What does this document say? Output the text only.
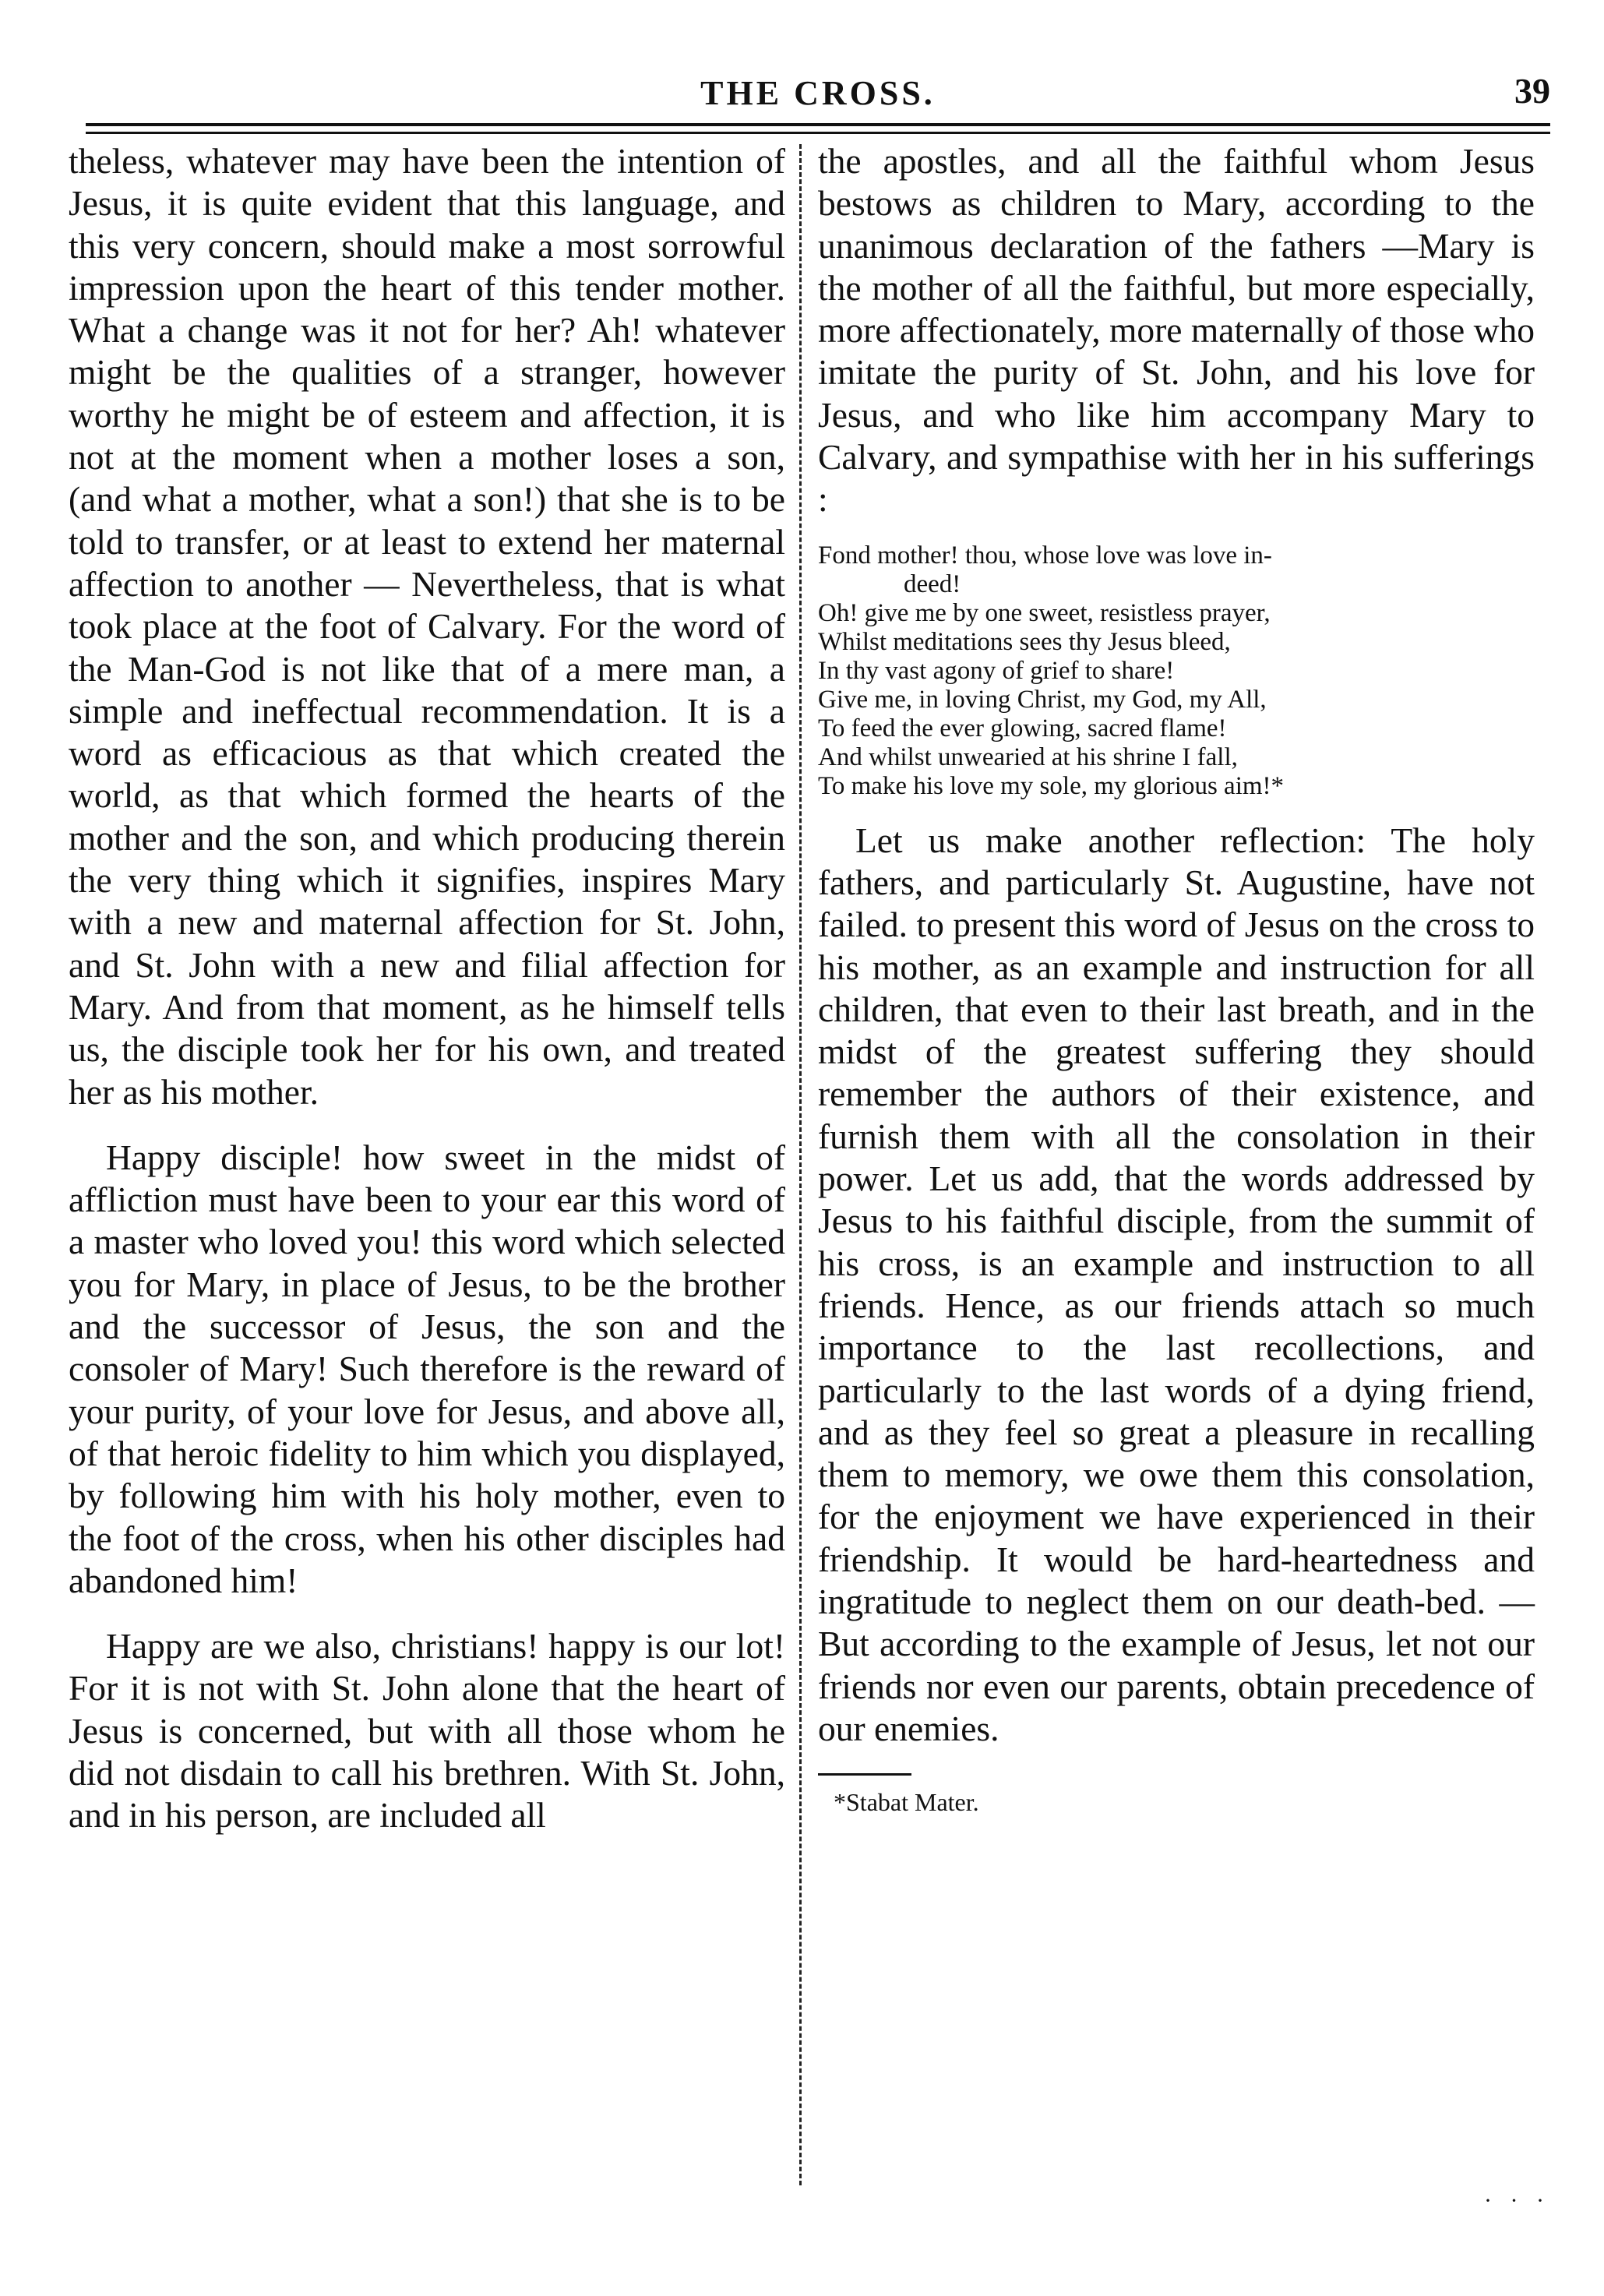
THE CROSS.	39

theless, whatever may have been the intention of Jesus, it is quite evident that this language, and this very concern, should make a most sorrowful impression upon the heart of this tender mother. What a change was it not for her? Ah! whatever might be the qualities of a stranger, however worthy he might be of esteem and affection, it is not at the moment when a mother loses a son, (and what a mother, what a son!) that she is to be told to transfer, or at least to extend her maternal affection to another — Nevertheless, that is what took place at the foot of Calvary. For the word of the Man-God is not like that of a mere man, a simple and ineffectual recommendation. It is a word as efficacious as that which created the world, as that which formed the hearts of the mother and the son, and which producing therein the very thing which it signifies, inspires Mary with a new and maternal affection for St. John, and St. John with a new and filial affection for Mary. And from that moment, as he himself tells us, the disciple took her for his own, and treated her as his mother.

Happy disciple! how sweet in the midst of affliction must have been to your ear this word of a master who loved you! this word which selected you for Mary, in place of Jesus, to be the brother and the successor of Jesus, the son and the consoler of Mary! Such therefore is the reward of your purity, of your love for Jesus, and above all, of that heroic fidelity to him which you displayed, by following him with his holy mother, even to the foot of the cross, when his other disciples had abandoned him!

Happy are we also, christians! happy is our lot! For it is not with St. John alone that the heart of Jesus is concerned, but with all those whom he did not disdain to call his brethren. With St. John, and in his person, are included all

the apostles, and all the faithful whom Jesus bestows as children to Mary, according to the unanimous declaration of the fathers —Mary is the mother of all the faithful, but more especially, more affectionately, more maternally of those who imitate the purity of St. John, and his love for Jesus, and who like him accompany Mary to Calvary, and sympathise with her in his sufferings :

Fond mother! thou, whose love was love in-
deed!
Oh! give me by one sweet, resistless prayer,
Whilst meditations sees thy Jesus bleed,
In thy vast agony of grief to share!
Give me, in loving Christ, my God, my All,
To feed the ever glowing, sacred flame!
And whilst unwearied at his shrine I fall,
To make his love my sole, my glorious aim!*

Let us make another reflection: The holy fathers, and particularly St. Augustine, have not failed. to present this word of Jesus on the cross to his mother, as an example and instruction for all children, that even to their last breath, and in the midst of the greatest suffering they should remember the authors of their existence, and furnish them with all the consolation in their power. Let us add, that the words addressed by Jesus to his faithful disciple, from the summit of his cross, is an example and instruction to all friends. Hence, as our friends attach so much importance to the last recollections, and particularly to the last words of a dying friend, and as they feel so great a pleasure in recalling them to memory, we owe them this consolation, for the enjoyment we have experienced in their friendship. It would be hard-heartedness and ingratitude to neglect them on our death-bed. —But according to the example of Jesus, let not our friends nor even our parents, obtain precedence of our enemies.

*Stabat Mater.
· · ·
